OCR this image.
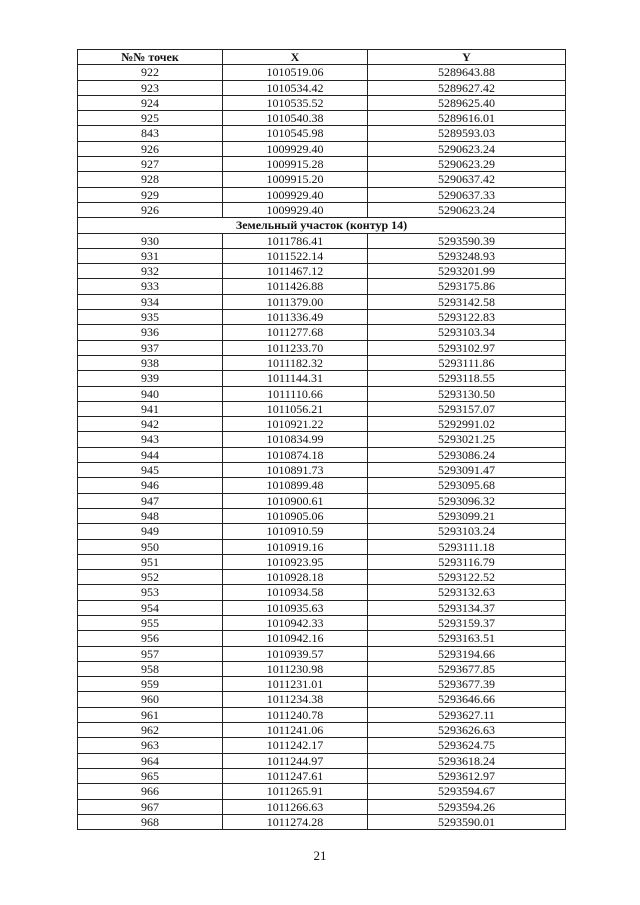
№№ точек	X	Y
922	1010519.06	5289643.88
923	1010534.42	5289627.42
924	1010535.52	5289625.40
925	1010540.38	5289616.01
843	1010545.98	5289593.03
926	1009929.40	5290623.24
927	1009915.28	5290623.29
928	1009915.20	5290637.42
929	1009929.40	5290637.33
926	1009929.40	5290623.24
Земельный участок (контур 14)		
930	1011786.41	5293590.39
931	1011522.14	5293248.93
932	1011467.12	5293201.99
933	1011426.88	5293175.86
934	1011379.00	5293142.58
935	1011336.49	5293122.83
936	1011277.68	5293103.34
937	1011233.70	5293102.97
938	1011182.32	5293111.86
939	1011144.31	5293118.55
940	1011110.66	5293130.50
941	1011056.21	5293157.07
942	1010921.22	5292991.02
943	1010834.99	5293021.25
944	1010874.18	5293086.24
945	1010891.73	5293091.47
946	1010899.48	5293095.68
947	1010900.61	5293096.32
948	1010905.06	5293099.21
949	1010910.59	5293103.24
950	1010919.16	5293111.18
951	1010923.95	5293116.79
952	1010928.18	5293122.52
953	1010934.58	5293132.63
954	1010935.63	5293134.37
955	1010942.33	5293159.37
956	1010942.16	5293163.51
957	1010939.57	5293194.66
958	1011230.98	5293677.85
959	1011231.01	5293677.39
960	1011234.38	5293646.66
961	1011240.78	5293627.11
962	1011241.06	5293626.63
963	1011242.17	5293624.75
964	1011244.97	5293618.24
965	1011247.61	5293612.97
966	1011265.91	5293594.67
967	1011266.63	5293594.26
968	1011274.28	5293590.01
21
